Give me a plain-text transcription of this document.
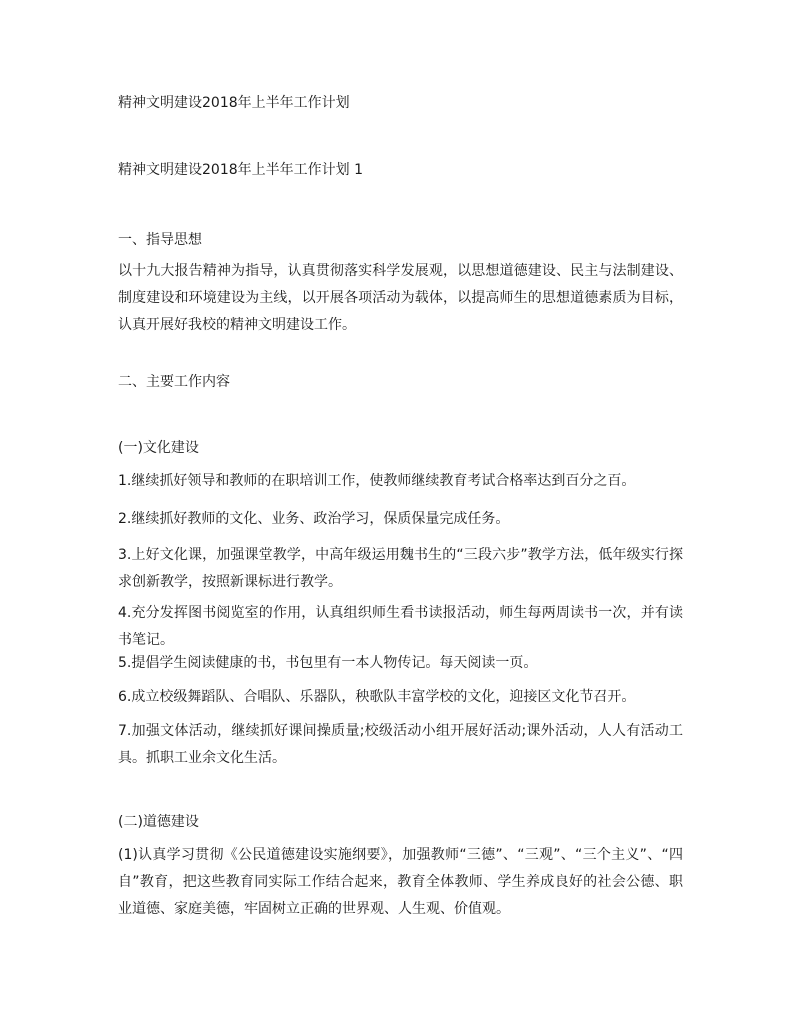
精神文明建设2018年上半年工作计划
精神文明建设2018年上半年工作计划 1
一、指导思想
以十九大报告精神为指导，认真贯彻落实科学发展观，以思想道德建设、民主与法制建设、制度建设和环境建设为主线，以开展各项活动为载体，以提高师生的思想道德素质为目标，认真开展好我校的精神文明建设工作。
二、主要工作内容
(一)文化建设
1.继续抓好领导和教师的在职培训工作，使教师继续教育考试合格率达到百分之百。
2.继续抓好教师的文化、业务、政治学习，保质保量完成任务。
3.上好文化课，加强课堂教学，中高年级运用魏书生的“三段六步”教学方法，低年级实行探求创新教学，按照新课标进行教学。
4.充分发挥图书阅览室的作用，认真组织师生看书读报活动，师生每两周读书一次，并有读书笔记。
5.提倡学生阅读健康的书，书包里有一本人物传记。每天阅读一页。
6.成立校级舞蹈队、合唱队、乐器队，秧歌队丰富学校的文化，迎接区文化节召开。
7.加强文体活动，继续抓好课间操质量;校级活动小组开展好活动;课外活动，人人有活动工具。抓职工业余文化生活。
(二)道德建设
(1)认真学习贯彻《公民道德建设实施纲要》，加强教师“三德”、“三观”、“三个主义”、“四自”教育，把这些教育同实际工作结合起来，教育全体教师、学生养成良好的社会公德、职业道德、家庭美德，牢固树立正确的世界观、人生观、价值观。
